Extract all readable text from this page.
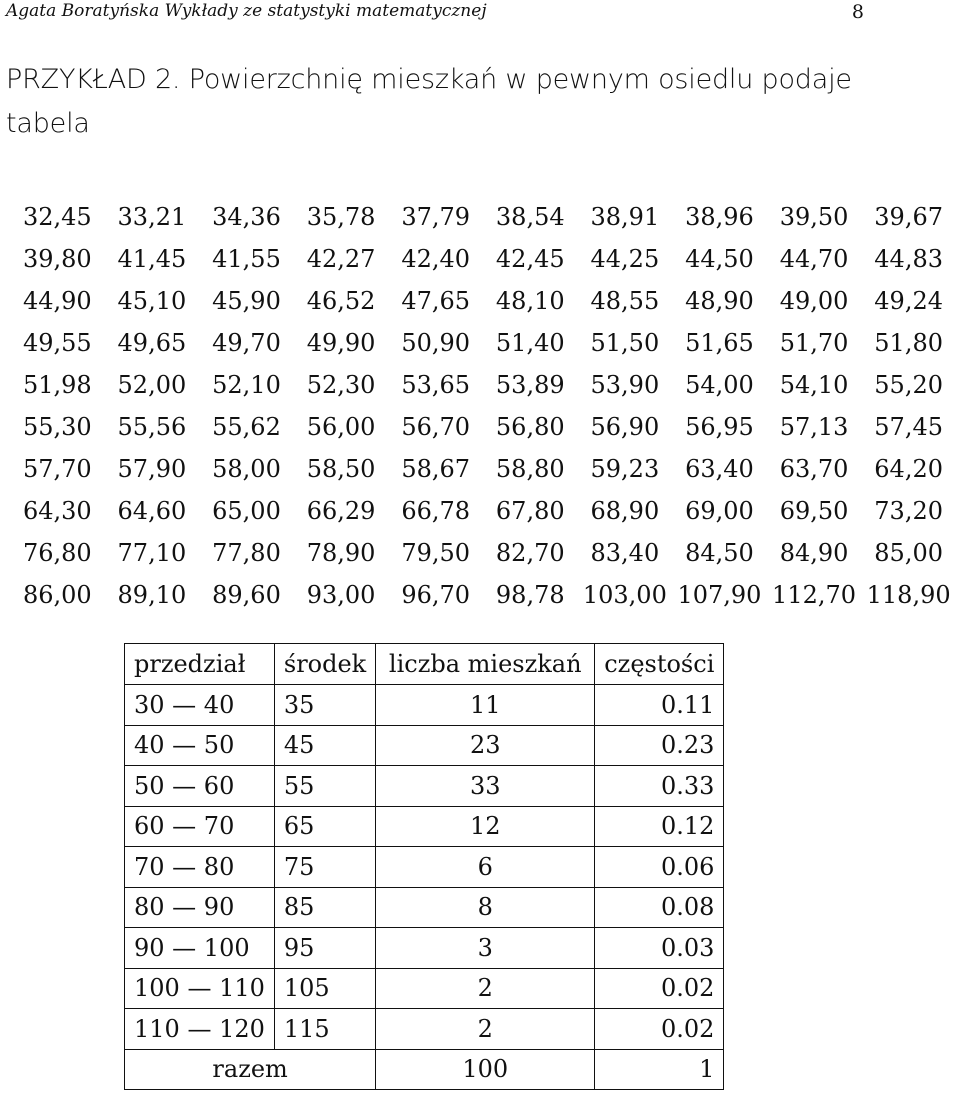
Agata Boratyńska Wykłady ze statystyki matematycznej	8
PRZYKŁAD 2. Powierzchnię mieszkań w pewnym osiedlu podaje
tabela
32,45	33,21	34,36	35,78	37,79	38,54	38,91	38,96	39,50	39,67
39,80	41,45	41,55	42,27	42,40	42,45	44,25	44,50	44,70	44,83
44,90	45,10	45,90	46,52	47,65	48,10	48,55	48,90	49,00	49,24
49,55	49,65	49,70	49,90	50,90	51,40	51,50	51,65	51,70	51,80
51,98	52,00	52,10	52,30	53,65	53,89	53,90	54,00	54,10	55,20
55,30	55,56	55,62	56,00	56,70	56,80	56,90	56,95	57,13	57,45
57,70	57,90	58,00	58,50	58,67	58,80	59,23	63,40	63,70	64,20
64,30	64,60	65,00	66,29	66,78	67,80	68,90	69,00	69,50	73,20
76,80	77,10	77,80	78,90	79,50	82,70	83,40	84,50	84,90	85,00
86,00	89,10	89,60	93,00	96,70	98,78 103,00 107,90 112,70 118,90
przedział	środek	liczba mieszkań	częstości
30 — 40	35	11	0.11
40 — 50	45	23	0.23
50 — 60	55	33	0.33
60 — 70	65	12	0.12
70 — 80	75	6	0.06
80 — 90	85	8	0.08
90 — 100	95	3	0.03
100 — 110	105	2	0.02
110 — 120	115	2	0.02
razem		100	1
